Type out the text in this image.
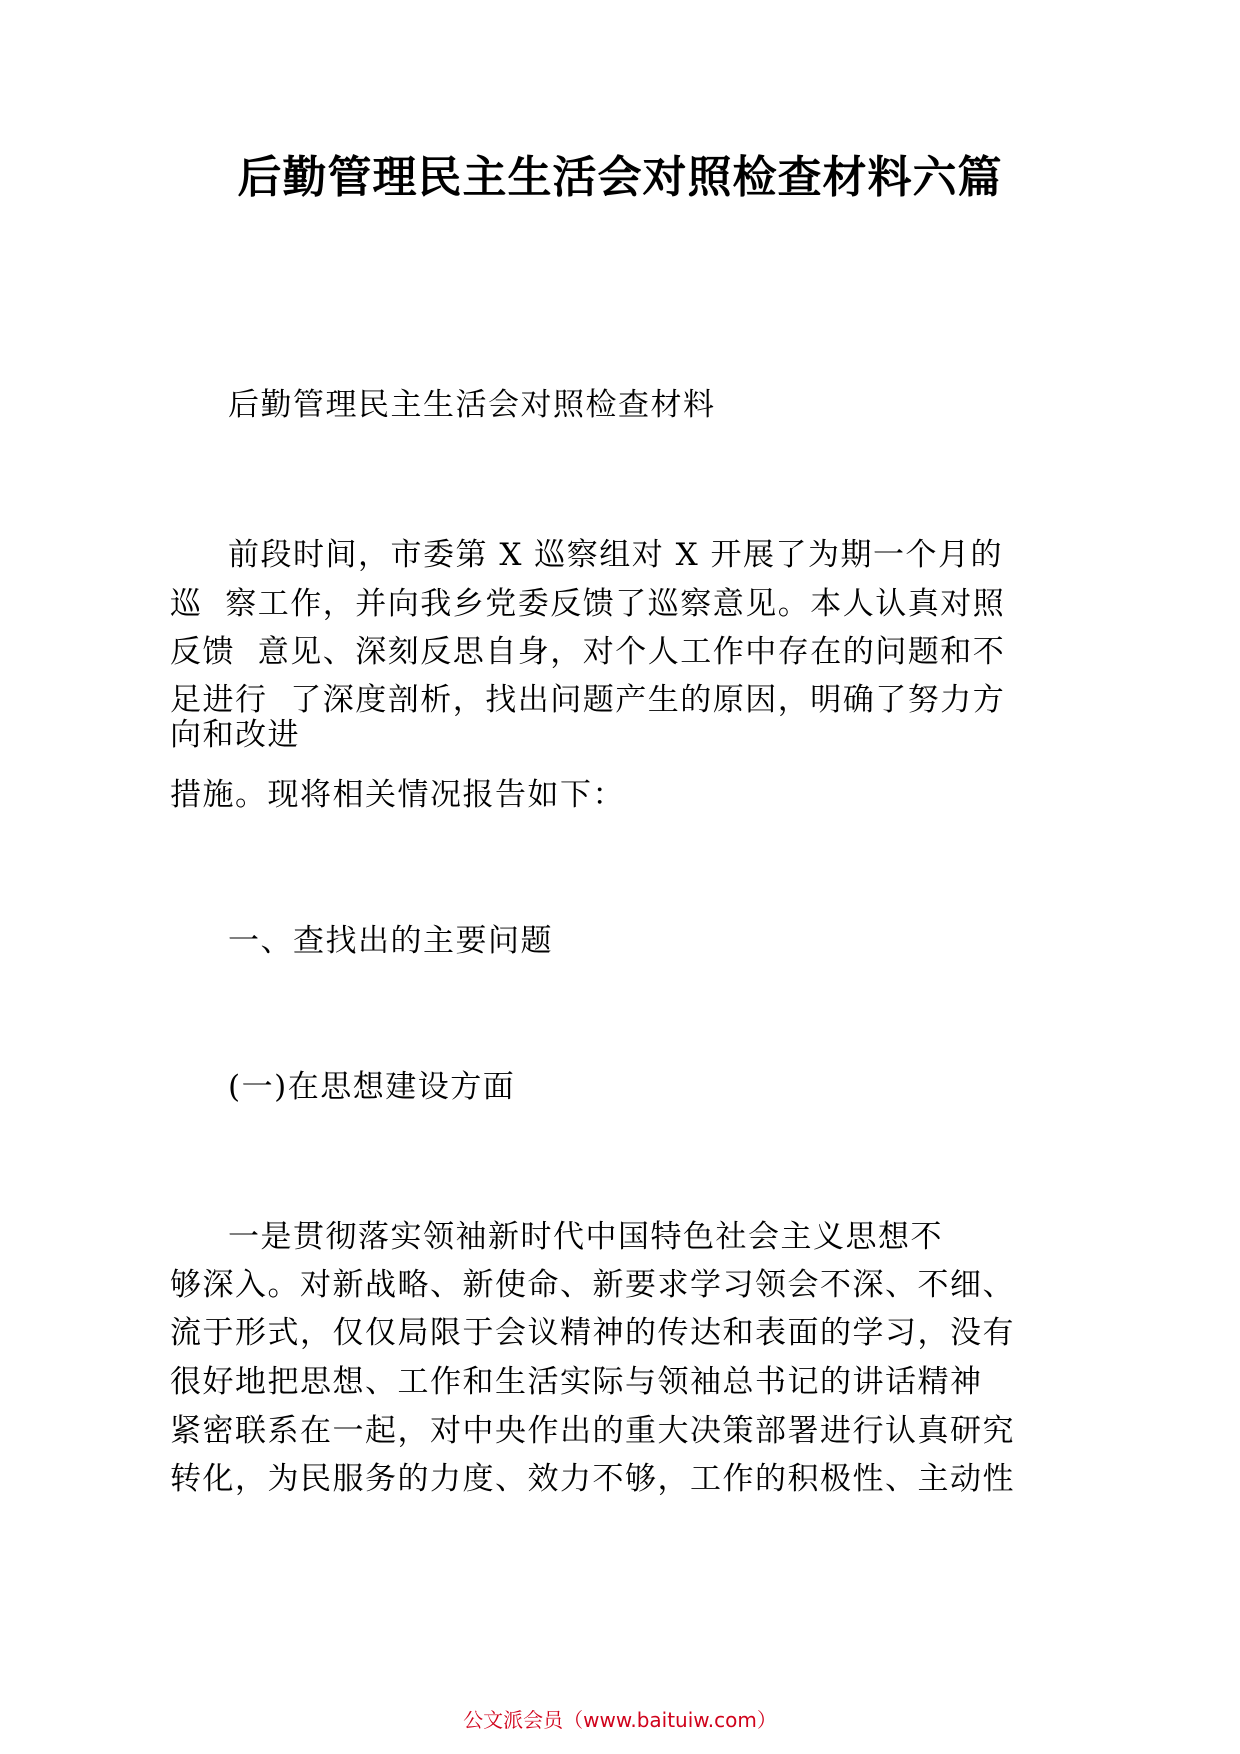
后勤管理民主生活会对照检查材料六篇
后勤管理民主生活会对照检查材料
前段时间，市委第 X 巡察组对 X 开展了为期一个月的
巡  察工作，并向我乡党委反馈了巡察意见。本人认真对照
反馈  意见、深刻反思自身，对个人工作中存在的问题和不
足进行  了深度剖析，找出问题产生的原因，明确了努力方
向和改进
措施。现将相关情况报告如下：
一、查找出的主要问题
(一)在思想建设方面
一是贯彻落实领袖新时代中国特色社会主义思想不
够深入。对新战略、新使命、新要求学习领会不深、不细、
流于形式，仅仅局限于会议精神的传达和表面的学习，没有
很好地把思想、工作和生活实际与领袖总书记的讲话精神
紧密联系在一起，对中央作出的重大决策部署进行认真研究
转化，为民服务的力度、效力不够，工作的积极性、主动性
公文派会员（www.baituiw.com）
